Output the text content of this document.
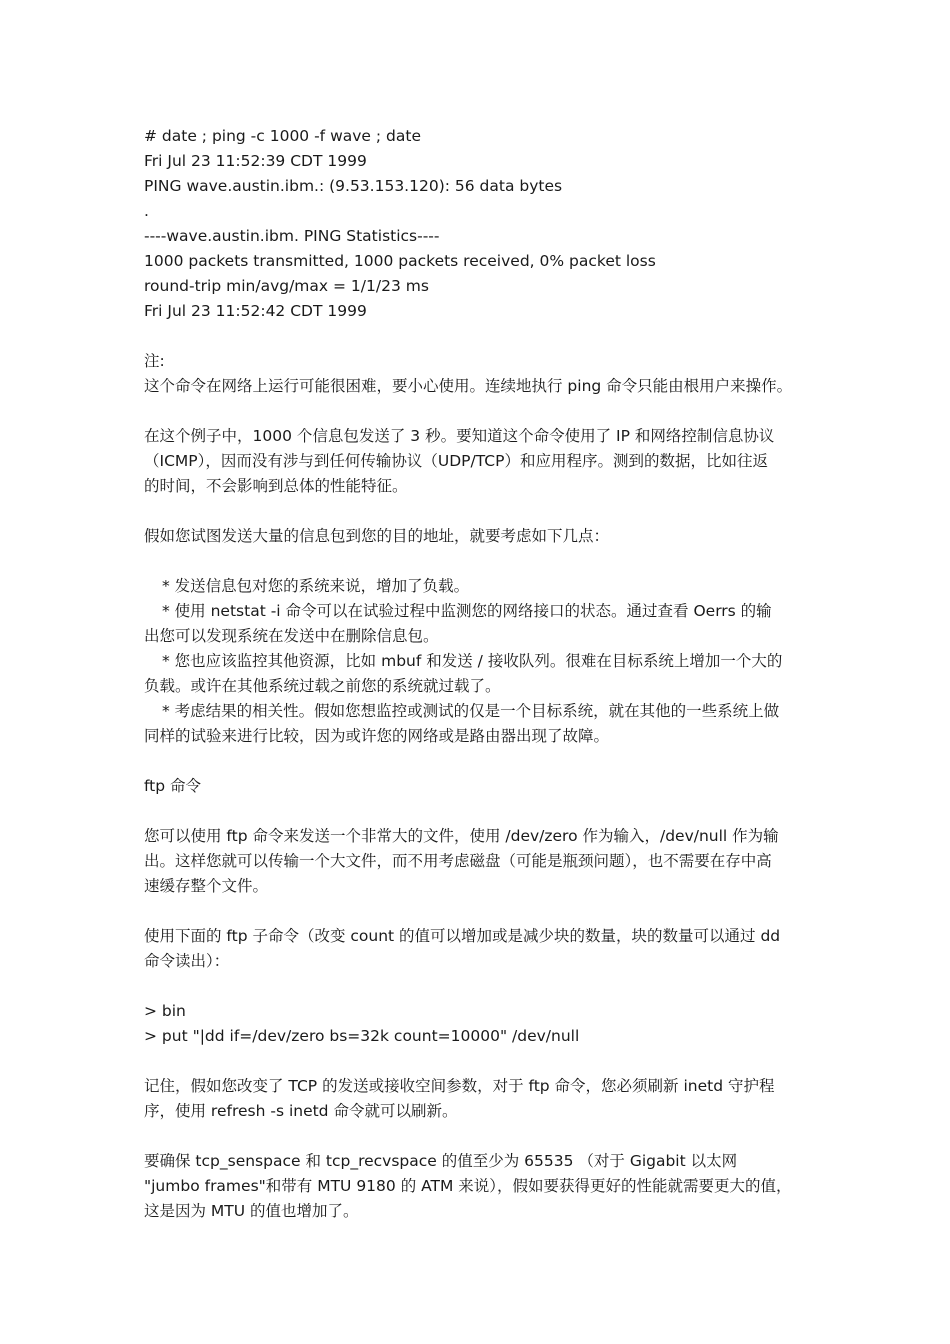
# date ; ping -c 1000 -f wave ; date
Fri Jul 23 11:52:39 CDT 1999
PING wave.austin.ibm.: (9.53.153.120): 56 data bytes
.
----wave.austin.ibm. PING Statistics----
1000 packets transmitted, 1000 packets received, 0% packet loss
round-trip min/avg/max = 1/1/23 ms
Fri Jul 23 11:52:42 CDT 1999
注:
这个命令在网络上运行可能很困难，要小心使用。连续地执行 ping 命令只能由根用户来操作。
在这个例子中，1000 个信息包发送了 3 秒。要知道这个命令使用了 IP 和网络控制信息协议
（ICMP），因而没有涉与到任何传输协议（UDP/TCP）和应用程序。测到的数据，比如往返
的时间，不会影响到总体的性能特征。
假如您试图发送大量的信息包到您的目的地址，就要考虑如下几点：
* 发送信息包对您的系统来说，增加了负载。
* 使用 netstat -i 命令可以在试验过程中监测您的网络接口的状态。通过查看 Oerrs 的输
出您可以发现系统在发送中在删除信息包。
* 您也应该监控其他资源，比如 mbuf 和发送 / 接收队列。很难在目标系统上增加一个大的
负载。或许在其他系统过载之前您的系统就过载了。
* 考虑结果的相关性。假如您想监控或测试的仅是一个目标系统，就在其他的一些系统上做
同样的试验来进行比较，因为或许您的网络或是路由器出现了故障。
ftp 命令
您可以使用 ftp 命令来发送一个非常大的文件，使用 /dev/zero 作为输入，/dev/null 作为输
出。这样您就可以传输一个大文件，而不用考虑磁盘（可能是瓶颈问题），也不需要在存中高
速缓存整个文件。
使用下面的 ftp 子命令（改变 count 的值可以增加或是减少块的数量，块的数量可以通过 dd
命令读出）：
> bin
> put "|dd if=/dev/zero bs=32k count=10000" /dev/null
记住，假如您改变了 TCP 的发送或接收空间参数，对于 ftp 命令，您必须刷新 inetd 守护程
序，使用 refresh -s inetd 命令就可以刷新。
要确保 tcp_senspace 和 tcp_recvspace 的值至少为 65535 （对于 Gigabit 以太网
"jumbo frames"和带有 MTU 9180 的 ATM 来说），假如要获得更好的性能就需要更大的值，
这是因为 MTU 的值也增加了。
